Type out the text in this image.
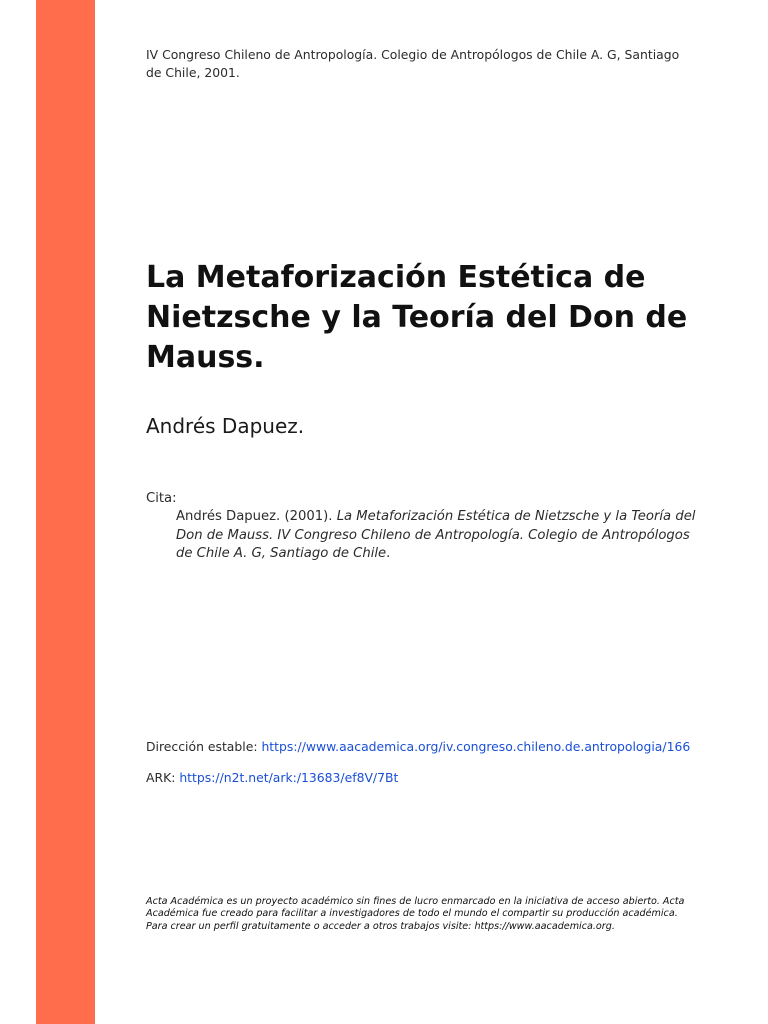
IV Congreso Chileno de Antropología. Colegio de Antropólogos de Chile A. G, Santiago de Chile, 2001.
La Metaforización Estética de Nietzsche y la Teoría del Don de Mauss.
Andrés Dapuez.
Cita:
Andrés Dapuez. (2001). La Metaforización Estética de Nietzsche y la Teoría del Don de Mauss. IV Congreso Chileno de Antropología. Colegio de Antropólogos de Chile A. G, Santiago de Chile.
Dirección estable: https://www.aacademica.org/iv.congreso.chileno.de.antropologia/166
ARK: https://n2t.net/ark:/13683/ef8V/7Bt
Acta Académica es un proyecto académico sin fines de lucro enmarcado en la iniciativa de acceso abierto. Acta Académica fue creado para facilitar a investigadores de todo el mundo el compartir su producción académica. Para crear un perfil gratuitamente o acceder a otros trabajos visite: https://www.aacademica.org.
